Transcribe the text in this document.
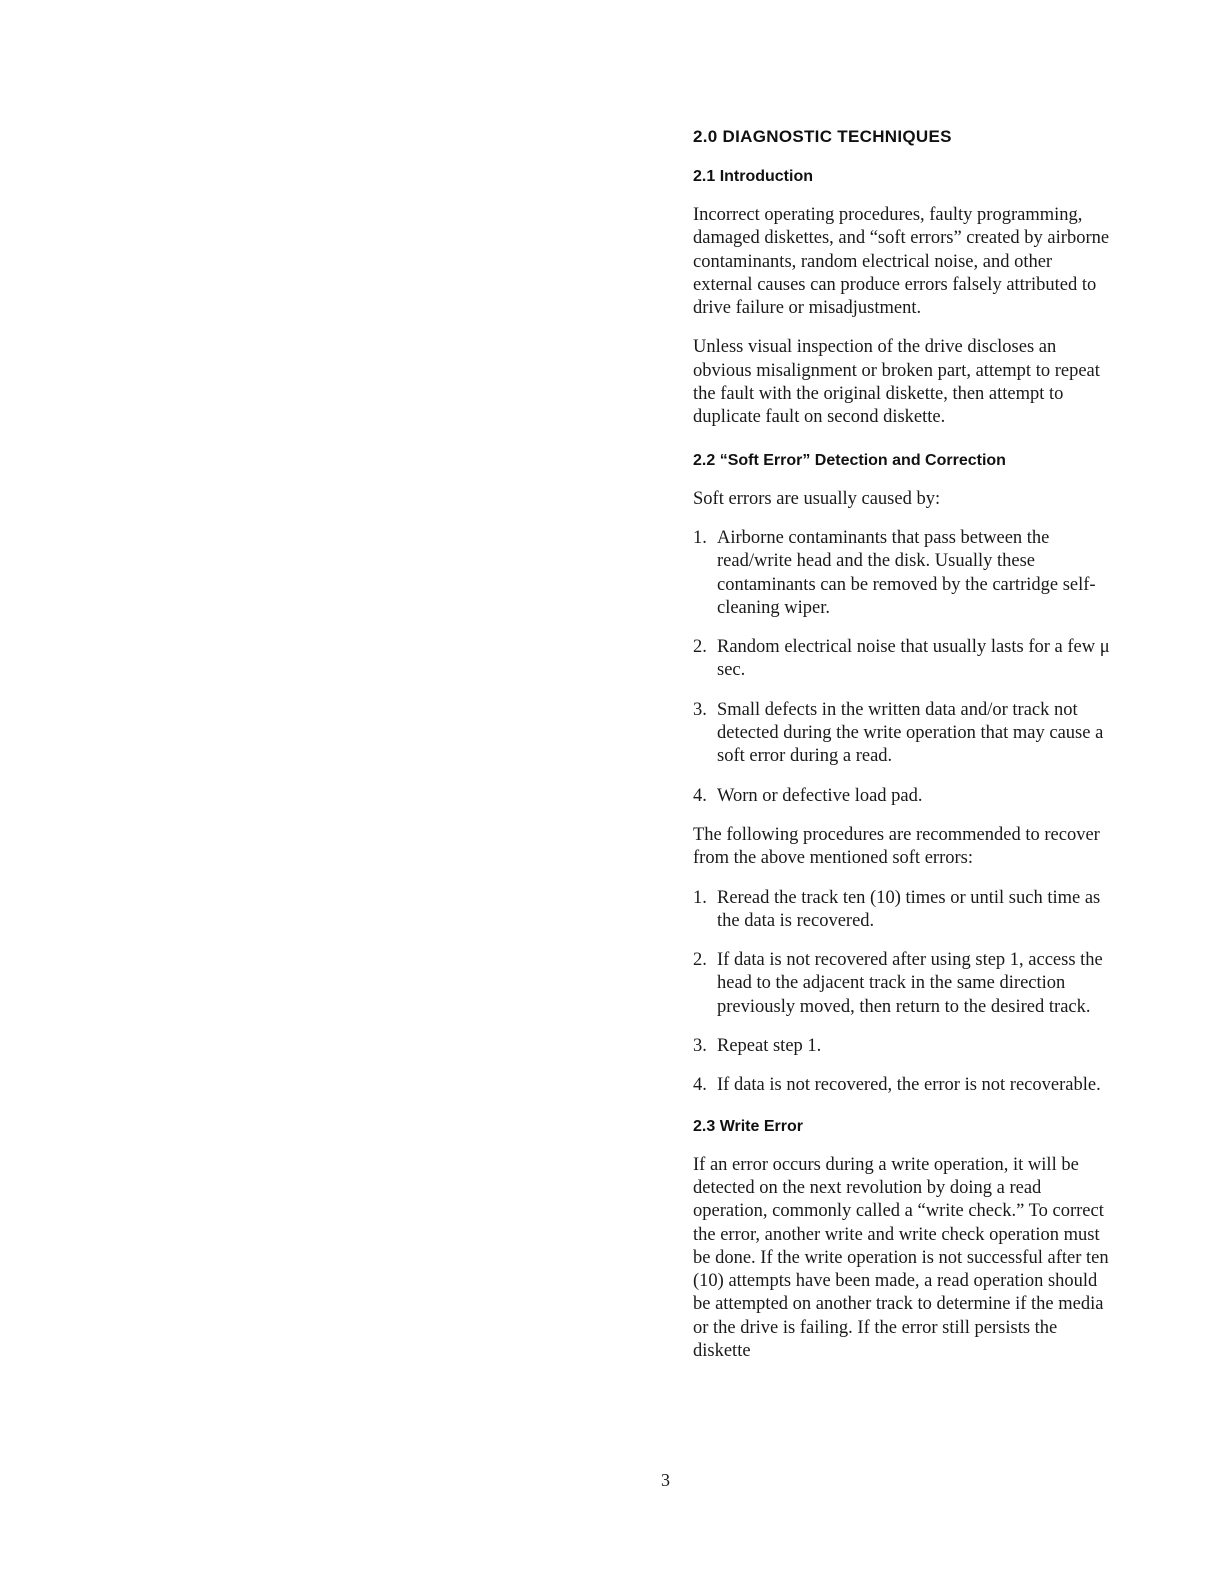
2.0 DIAGNOSTIC TECHNIQUES
2.1 Introduction

Incorrect operating procedures, faulty programming, damaged diskettes, and “soft errors” created by airborne contaminants, random electrical noise, and other external causes can produce errors falsely attributed to drive failure or misadjustment.

Unless visual inspection of the drive discloses an obvious misalignment or broken part, attempt to repeat the fault with the original diskette, then attempt to duplicate fault on second diskette.

2.2 “Soft Error” Detection and Correction

Soft errors are usually caused by:

1. Airborne contaminants that pass between the read/write head and the disk. Usually these contaminants can be removed by the cartridge self-cleaning wiper.
2. Random electrical noise that usually lasts for a few μ sec.
3. Small defects in the written data and/or track not detected during the write operation that may cause a soft error during a read.
4. Worn or defective load pad.

The following procedures are recommended to recover from the above mentioned soft errors:

1. Reread the track ten (10) times or until such time as the data is recovered.
2. If data is not recovered after using step 1, access the head to the adjacent track in the same direction previously moved, then return to the desired track.
3. Repeat step 1.
4. If data is not recovered, the error is not recoverable.
2.3 Write Error

If an error occurs during a write operation, it will be detected on the next revolution by doing a read operation, commonly called a “write check.” To correct the error, another write and write check operation must be done. If the write operation is not successful after ten (10) attempts have been made, a read operation should be attempted on another track to determine if the media or the drive is failing. If the error still persists the diskette

3
